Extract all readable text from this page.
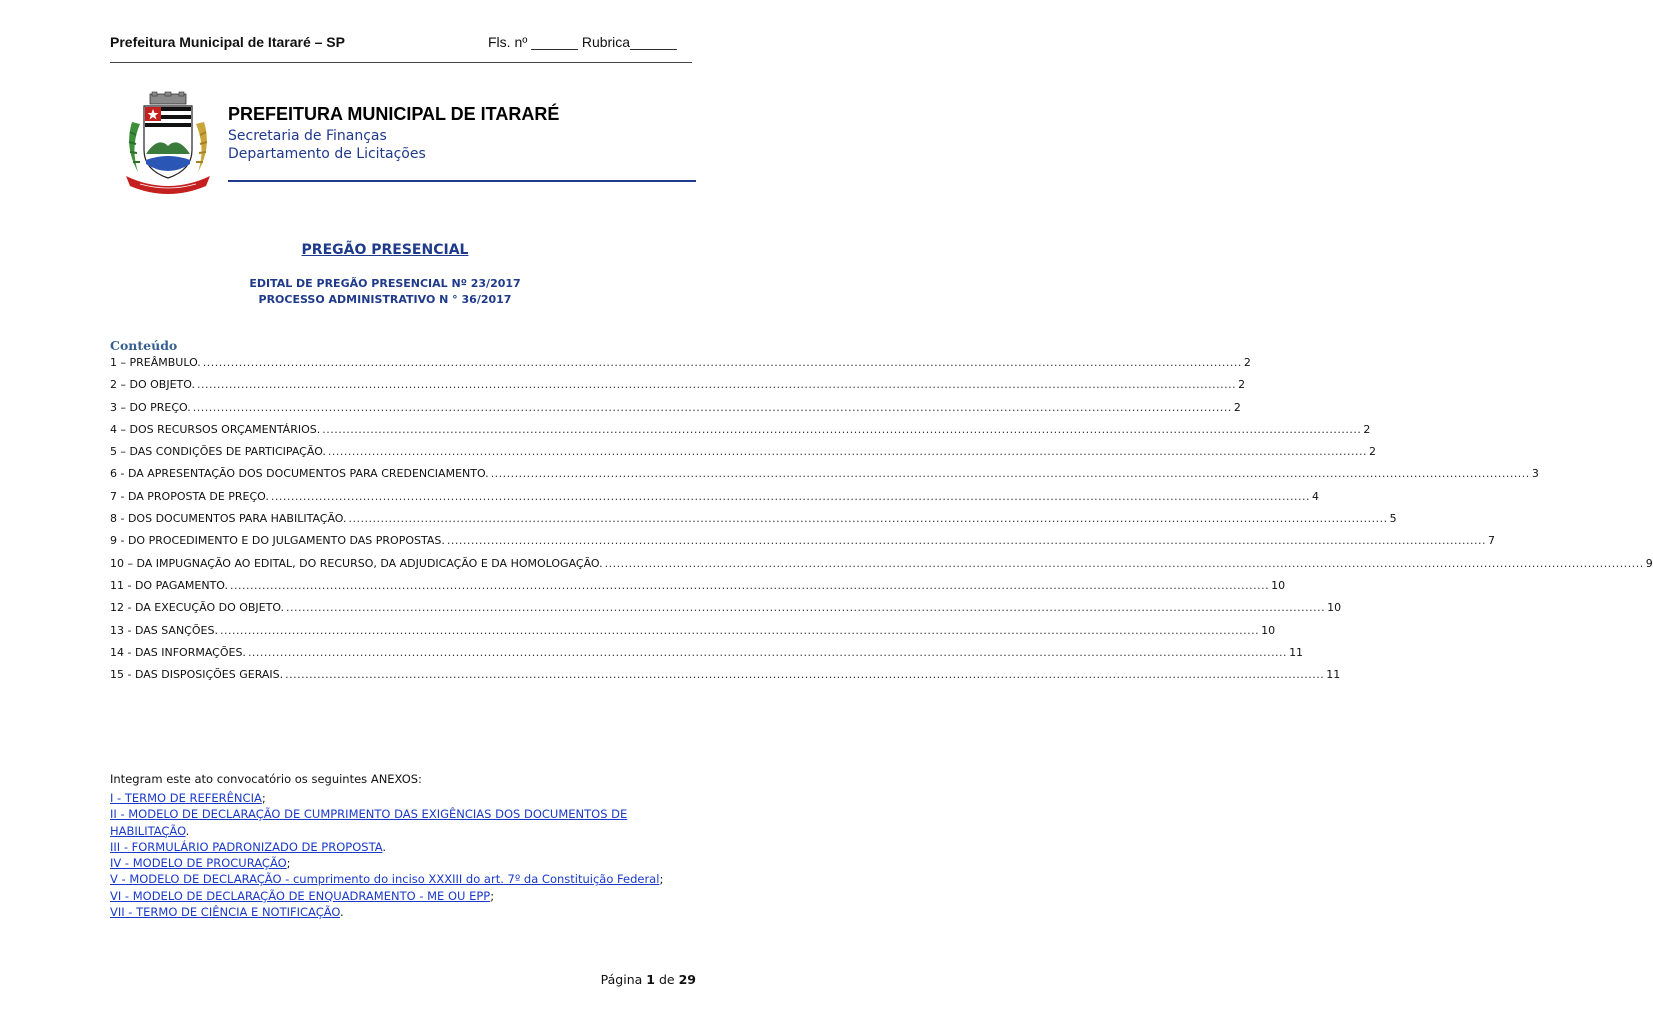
Prefeitura Municipal de Itararé – SP	Fls. nº ______ Rubrica______
PREFEITURA MUNICIPAL DE ITARARÉ
Secretaria de Finanças
Departamento de Licitações
PREGÃO PRESENCIAL
EDITAL DE PREGÃO PRESENCIAL Nº 23/2017
PROCESSO ADMINISTRATIVO N ° 36/2017
Conteúdo
1 – PREÂMBULO. .................................................................................................................................................................................................................................................................... 2
2 – DO OBJETO. .................................................................................................................................................................................................................................................................... 2
3 – DO PREÇO. .................................................................................................................................................................................................................................................................... 2
4 – DOS RECURSOS ORÇAMENTÁRIOS. .................................................................................................................................................................................................................................................................... 2
5 – DAS CONDIÇÕES DE PARTICIPAÇÃO. .................................................................................................................................................................................................................................................................... 2
6 - DA APRESENTAÇÃO DOS DOCUMENTOS PARA CREDENCIAMENTO. .................................................................................................................................................................................................................................................................... 3
7 - DA PROPOSTA DE PREÇO. .................................................................................................................................................................................................................................................................... 4
8 - DOS DOCUMENTOS PARA HABILITAÇÃO. .................................................................................................................................................................................................................................................................... 5
9 - DO PROCEDIMENTO E DO JULGAMENTO DAS PROPOSTAS. .................................................................................................................................................................................................................................................................... 7
10 – DA IMPUGNAÇÃO AO EDITAL, DO RECURSO, DA ADJUDICAÇÃO E DA HOMOLOGAÇÃO. .................................................................................................................................................................................................................................................................... 9
11 - DO PAGAMENTO. .................................................................................................................................................................................................................................................................... 10
12 - DA EXECUÇÃO DO OBJETO. .................................................................................................................................................................................................................................................................... 10
13 - DAS SANÇÕES. .................................................................................................................................................................................................................................................................... 10
14 - DAS INFORMAÇÕES. .................................................................................................................................................................................................................................................................... 11
15 - DAS DISPOSIÇÕES GERAIS. .................................................................................................................................................................................................................................................................... 11
Integram este ato convocatório os seguintes ANEXOS:
I - TERMO DE REFERÊNCIA;
II - MODELO DE DECLARAÇÃO DE CUMPRIMENTO DAS EXIGÊNCIAS DOS DOCUMENTOS DE
HABILITAÇÃO.
III - FORMULÁRIO PADRONIZADO DE PROPOSTA.
IV - MODELO DE PROCURAÇÃO;
V - MODELO DE DECLARAÇÃO - cumprimento do inciso XXXIII do art. 7º da Constituição Federal;
VI - MODELO DE DECLARAÇÃO DE ENQUADRAMENTO - ME OU EPP;
VII - TERMO DE CIÊNCIA E NOTIFICAÇÃO.
Página 1 de 29
